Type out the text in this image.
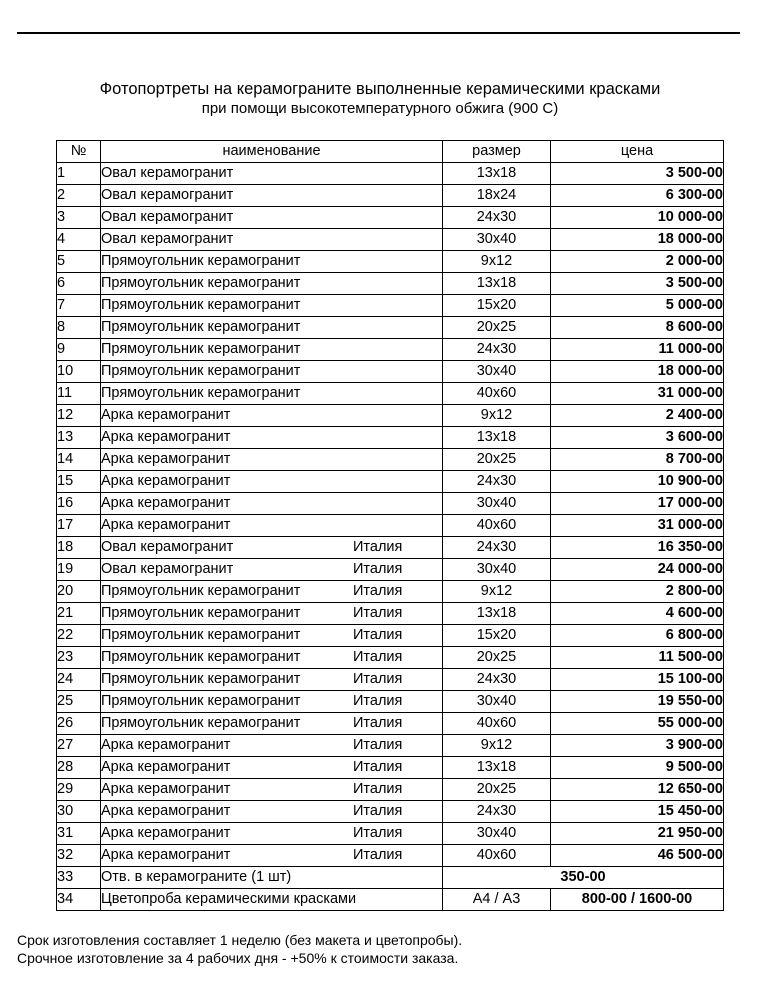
Фотопортреты на керамограните выполненные керамическими красками
при помощи высокотемпературного обжига (900 С)
№	наименование	размер	цена
1	Овал керамогранит	13х18	3 500-00
2	Овал керамогранит	18х24	6 300-00
3	Овал керамогранит	24х30	10 000-00
4	Овал керамогранит	30х40	18 000-00
5	Прямоугольник керамогранит	9х12	2 000-00
6	Прямоугольник керамогранит	13х18	3 500-00
7	Прямоугольник керамогранит	15х20	5 000-00
8	Прямоугольник керамогранит	20х25	8 600-00
9	Прямоугольник керамогранит	24х30	11 000-00
10	Прямоугольник керамогранит	30х40	18 000-00
11	Прямоугольник керамогранит	40х60	31 000-00
12	Арка керамогранит	9х12	2 400-00
13	Арка керамогранит	13х18	3 600-00
14	Арка керамогранит	20х25	8 700-00
15	Арка керамогранит	24х30	10 900-00
16	Арка керамогранит	30х40	17 000-00
17	Арка керамогранит	40х60	31 000-00
18	Овал керамогранит Италия	24х30	16 350-00
19	Овал керамогранит Италия	30х40	24 000-00
20	Прямоугольник керамогранит Италия	9х12	2 800-00
21	Прямоугольник керамогранит Италия	13х18	4 600-00
22	Прямоугольник керамогранит Италия	15х20	6 800-00
23	Прямоугольник керамогранит Италия	20х25	11 500-00
24	Прямоугольник керамогранит Италия	24х30	15 100-00
25	Прямоугольник керамогранит Италия	30х40	19 550-00
26	Прямоугольник керамогранит Италия	40х60	55 000-00
27	Арка керамогранит Италия	9х12	3 900-00
28	Арка керамогранит Италия	13х18	9 500-00
29	Арка керамогранит Италия	20х25	12 650-00
30	Арка керамогранит Италия	24х30	15 450-00
31	Арка керамогранит Италия	30х40	21 950-00
32	Арка керамогранит Италия	40х60	46 500-00
33	Отв. в керамограните (1 шт)	350-00	
34	Цветопроба керамическими красками	А4 / А3	800-00 / 1600-00
Срок изготовления составляет 1 неделю (без макета и цветопробы).
Срочное изготовление за 4 рабочих дня - +50% к стоимости заказа.
